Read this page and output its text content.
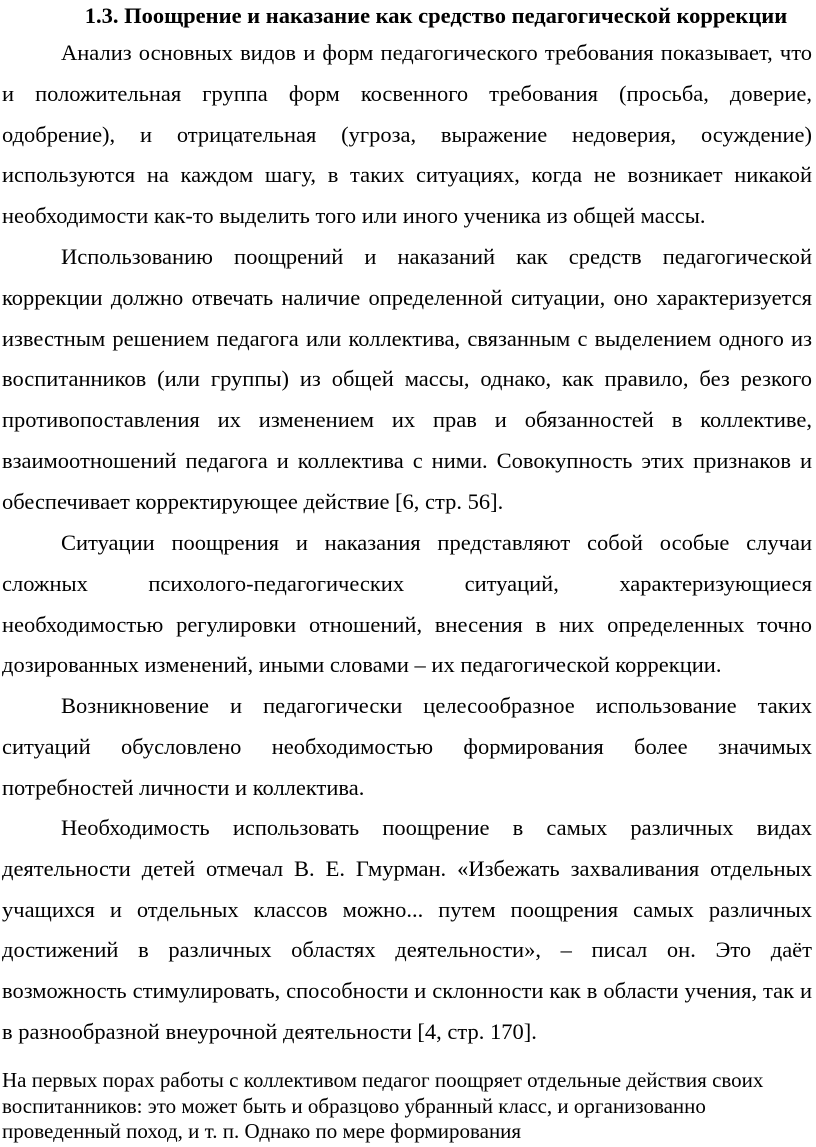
1.3. Поощрение и наказание как средство педагогической коррекции

Анализ основных видов и форм педагогического требования показывает, что и положительная группа форм косвенного требования (просьба, доверие, одобрение), и отрицательная (угроза, выражение недоверия, осуждение) используются на каждом шагу, в таких ситуациях, когда не возникает никакой необходимости как-то выделить того или иного ученика из общей массы.

Использованию поощрений и наказаний как средств педагогической коррекции должно отвечать наличие определенной ситуации, оно характеризуется известным решением педагога или коллектива, связанным с выделением одного из воспитанников (или группы) из общей массы, однако, как правило, без резкого противопоставления их изменением их прав и обязанностей в коллективе, взаимоотношений педагога и коллектива с ними. Совокупность этих признаков и обеспечивает корректирующее действие [6, стр. 56].

Ситуации поощрения и наказания представляют собой особые случаи сложных психолого-педагогических ситуаций, характеризующиеся необходимостью регулировки отношений, внесения в них определенных точно дозированных изменений, иными словами – их педагогической коррекции.

Возникновение и педагогически целесообразное использование таких ситуаций обусловлено необходимостью формирования более значимых потребностей личности и коллектива.

Необходимость использовать поощрение в самых различных видах деятельности детей отмечал В. Е. Гмурман. «Избежать захваливания отдельных учащихся и отдельных классов можно... путем поощрения самых различных достижений в различных областях деятельности», – писал он. Это даёт возможность стимулировать, способности и склонности как в области учения, так и в разнообразной внеурочной деятельности [4, стр. 170].

На первых порах работы с коллективом педагог поощряет отдельные действия своих воспитанников: это может быть и образцово убранный класс, и организованно проведенный поход, и т. п. Однако по мере формирования
